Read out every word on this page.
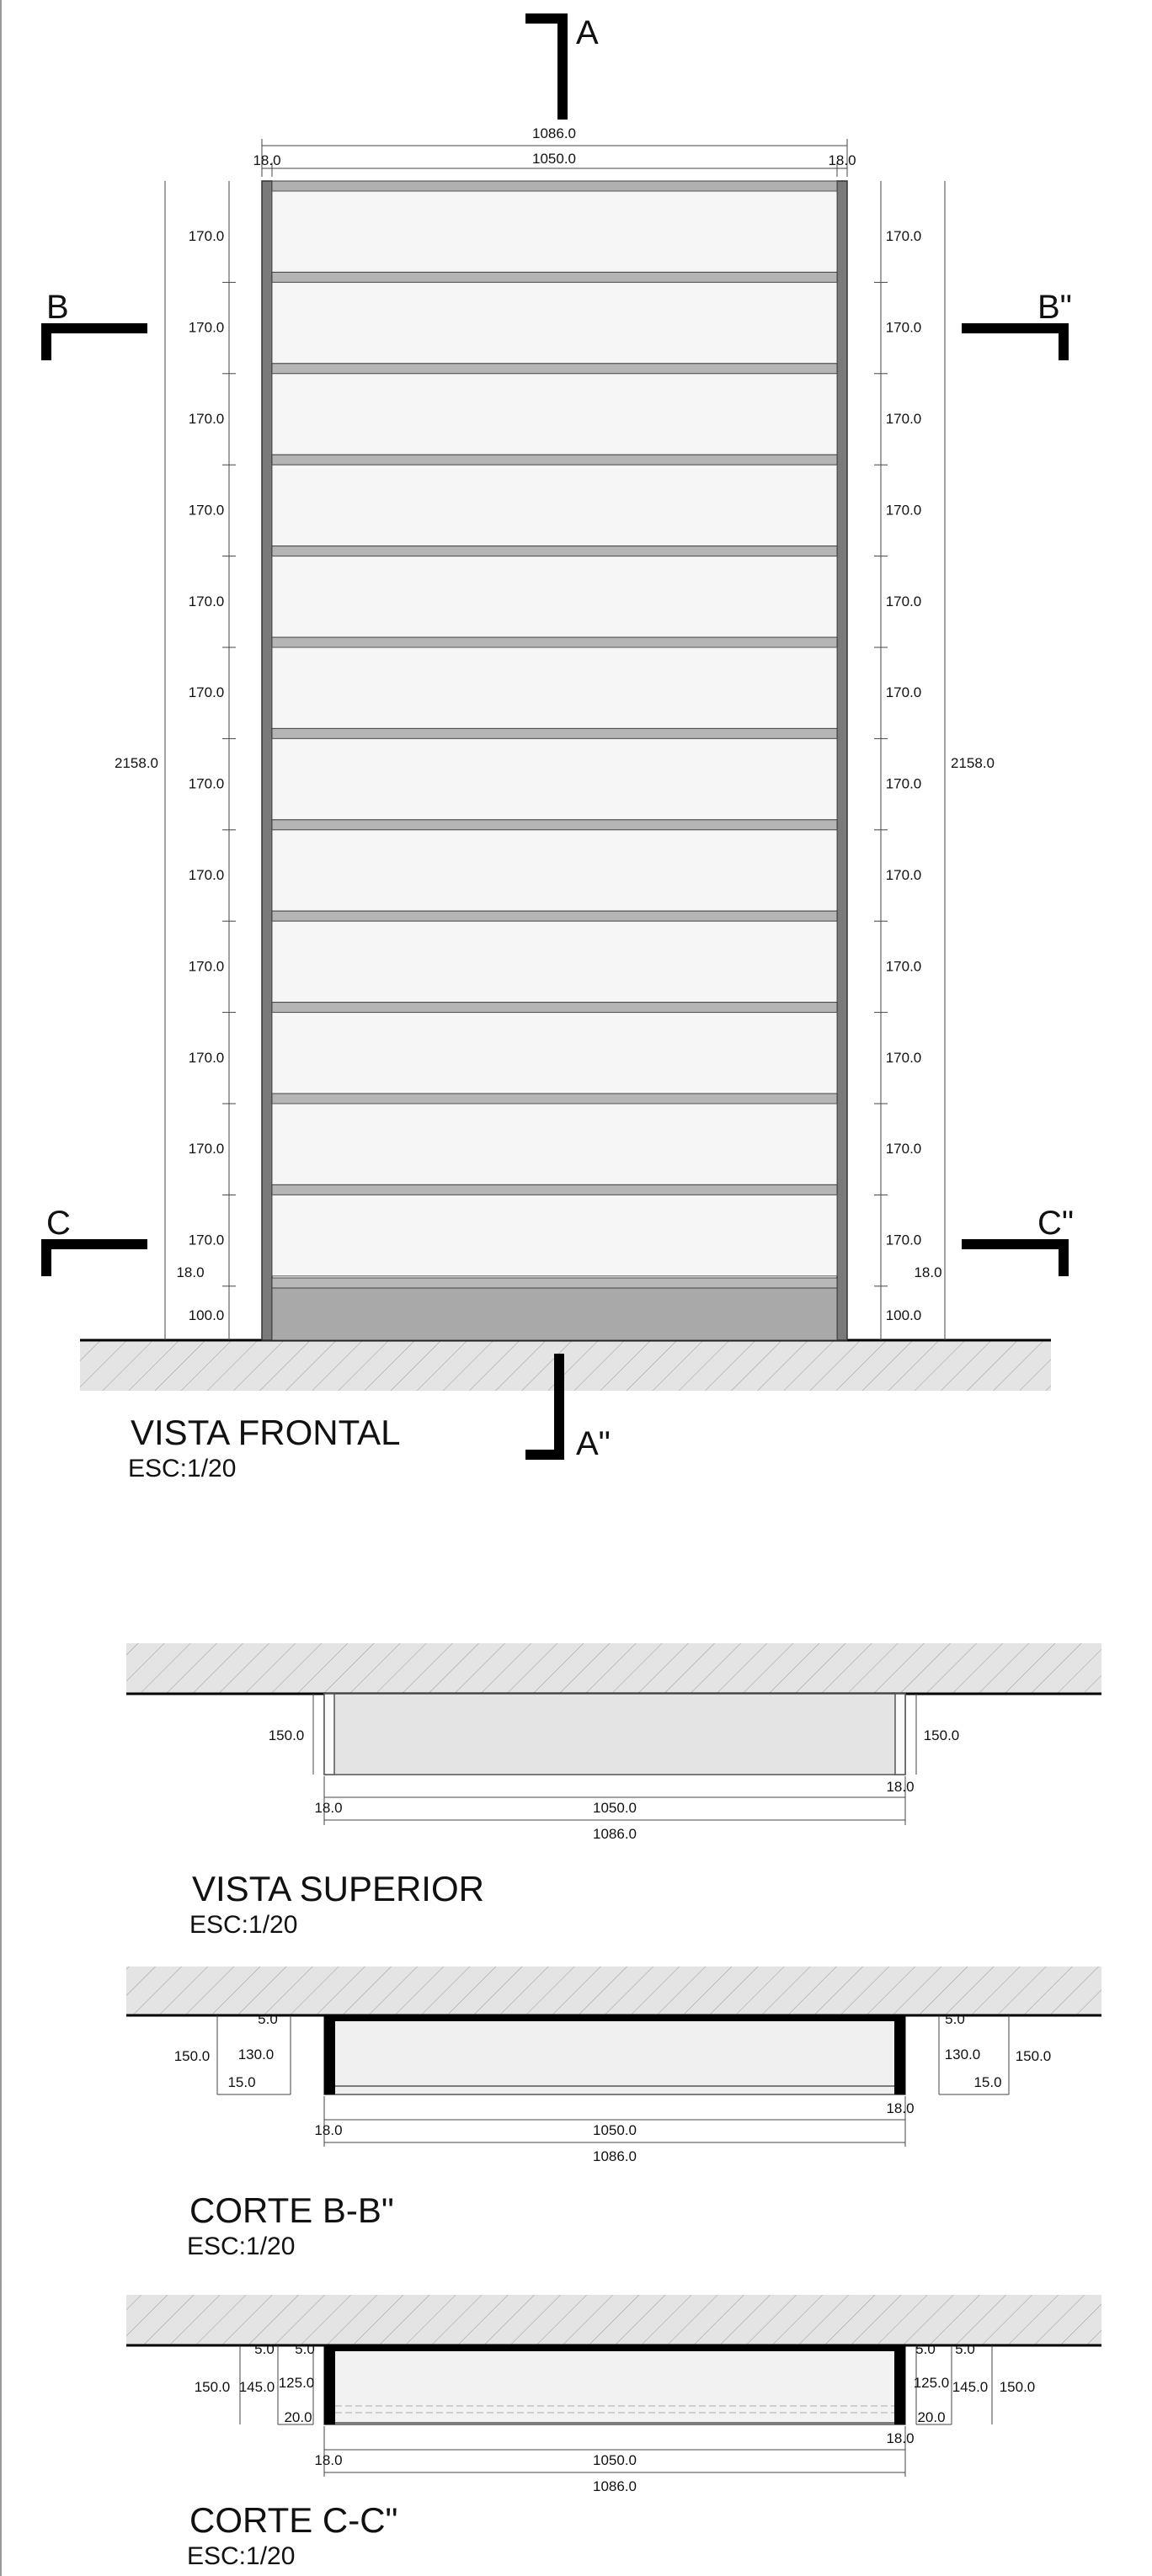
1086.0
1050.0
18.0	18.0
170.0	170.0
170.0	170.0
170.0	170.0
170.0	170.0
170.0	170.0
170.0	170.0
170.0	170.0
170.0	170.0
170.0	170.0
170.0	170.0
170.0	170.0
170.0	170.0
18.0	18.0
100.0	100.0
2158.0	2158.0
A
A"
B	B"
C	C"
VISTA FRONTAL
ESC:1/20
150.0	150.0
18.0
18.0	1050.0
1086.0
VISTA SUPERIOR
ESC:1/20
150.0
5.0
130.0
15.0
5.0
130.0
15.0
150.0
18.0
18.0	1050.0
1086.0
CORTE B-B"
ESC:1/20
150.0 145.0
5.0 5.0
125.0
20.0
5.0 5.0
125.0
20.0
145.0 150.0
18.0
18.0	1050.0
1086.0
CORTE C-C"
ESC:1/20
